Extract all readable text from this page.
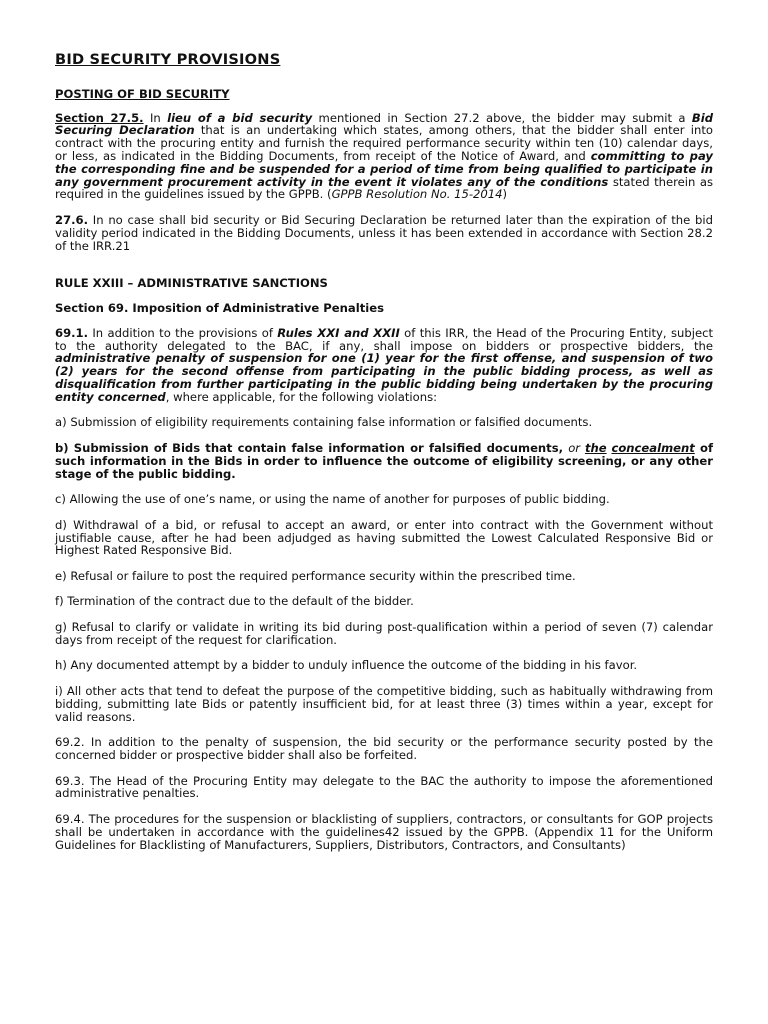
BID SECURITY PROVISIONS
POSTING OF BID SECURITY

Section 27.5. In lieu of a bid security mentioned in Section 27.2 above, the bidder may submit a Bid Securing Declaration that is an undertaking which states, among others, that the bidder shall enter into contract with the procuring entity and furnish the required performance security within ten (10) calendar days, or less, as indicated in the Bidding Documents, from receipt of the Notice of Award, and committing to pay the corresponding fine and be suspended for a period of time from being qualified to participate in any government procurement activity in the event it violates any of the conditions stated therein as required in the guidelines issued by the GPPB. (GPPB Resolution No. 15-2014)

27.6. In no case shall bid security or Bid Securing Declaration be returned later than the expiration of the bid validity period indicated in the Bidding Documents, unless it has been extended in accordance with Section 28.2 of the IRR.21

RULE XXIII – ADMINISTRATIVE SANCTIONS
Section 69. Imposition of Administrative Penalties

69.1. In addition to the provisions of Rules XXI and XXII of this IRR, the Head of the Procuring Entity, subject to the authority delegated to the BAC, if any, shall impose on bidders or prospective bidders, the administrative penalty of suspension for one (1) year for the first offense, and suspension of two (2) years for the second offense from participating in the public bidding process, as well as disqualification from further participating in the public bidding being undertaken by the procuring entity concerned, where applicable, for the following violations:

a) Submission of eligibility requirements containing false information or falsified documents.

b) Submission of Bids that contain false information or falsified documents, or the concealment of such information in the Bids in order to influence the outcome of eligibility screening, or any other stage of the public bidding.

c) Allowing the use of one’s name, or using the name of another for purposes of public bidding.

d) Withdrawal of a bid, or refusal to accept an award, or enter into contract with the Government without justifiable cause, after he had been adjudged as having submitted the Lowest Calculated Responsive Bid or Highest Rated Responsive Bid.

e) Refusal or failure to post the required performance security within the prescribed time.

f) Termination of the contract due to the default of the bidder.

g) Refusal to clarify or validate in writing its bid during post-qualification within a period of seven (7) calendar days from receipt of the request for clarification.

h) Any documented attempt by a bidder to unduly influence the outcome of the bidding in his favor.

i) All other acts that tend to defeat the purpose of the competitive bidding, such as habitually withdrawing from bidding, submitting late Bids or patently insufficient bid, for at least three (3) times within a year, except for valid reasons.

69.2. In addition to the penalty of suspension, the bid security or the performance security posted by the concerned bidder or prospective bidder shall also be forfeited.

69.3. The Head of the Procuring Entity may delegate to the BAC the authority to impose the aforementioned administrative penalties.

69.4. The procedures for the suspension or blacklisting of suppliers, contractors, or consultants for GOP projects shall be undertaken in accordance with the guidelines42 issued by the GPPB. (Appendix 11 for the Uniform Guidelines for Blacklisting of Manufacturers, Suppliers, Distributors, Contractors, and Consultants)
